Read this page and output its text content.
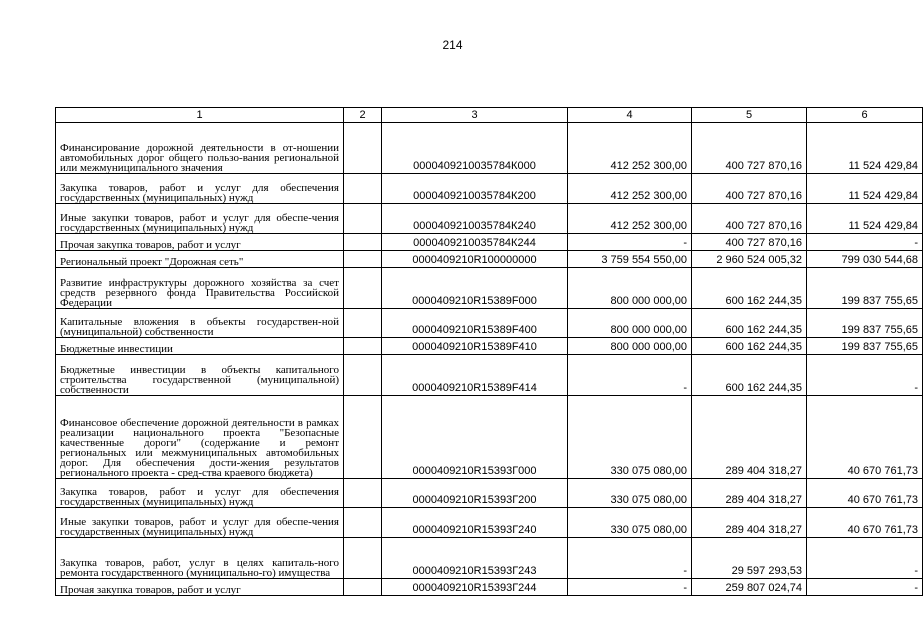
214
1	2	3	4	5	6
Финансирование дорожной деятельности в от-ношении автомобильных дорог общего пользо-вания региональной или межмуниципального значения		0000409210035784К000	412 252 300,00	400 727 870,16	11 524 429,84
Закупка товаров, работ и услуг для обеспечения государственных (муниципальных) нужд		0000409210035784К200	412 252 300,00	400 727 870,16	11 524 429,84
Иные закупки товаров, работ и услуг для обеспе-чения государственных (муниципальных) нужд		0000409210035784К240	412 252 300,00	400 727 870,16	11 524 429,84
Прочая закупка товаров, работ и услуг		0000409210035784К244	-	400 727 870,16	-
Региональный проект "Дорожная сеть"		0000409210R100000000	3 759 554 550,00	2 960 524 005,32	799 030 544,68
Развитие инфраструктуры дорожного хозяйства за счет средств резервного фонда Правительства Российской Федерации		0000409210R15389F000	800 000 000,00	600 162 244,35	199 837 755,65
Капитальные вложения в объекты государствен-ной (муниципальной) собственности		0000409210R15389F400	800 000 000,00	600 162 244,35	199 837 755,65
Бюджетные инвестиции		0000409210R15389F410	800 000 000,00	600 162 244,35	199 837 755,65
Бюджетные инвестиции в объекты капитального строительства государственной (муниципальной) собственности		0000409210R15389F414	-	600 162 244,35	-
Финансовое обеспечение дорожной деятельности в рамках реализации национального проекта "Безопасные качественные дороги" (содержание и ремонт региональных или межмуниципальных автомобильных дорог. Для обеспечения дости-жения результатов регионального проекта - сред-ства краевого бюджета)		0000409210R15393Г000	330 075 080,00	289 404 318,27	40 670 761,73
Закупка товаров, работ и услуг для обеспечения государственных (муниципальных) нужд		0000409210R15393Г200	330 075 080,00	289 404 318,27	40 670 761,73
Иные закупки товаров, работ и услуг для обеспе-чения государственных (муниципальных) нужд		0000409210R15393Г240	330 075 080,00	289 404 318,27	40 670 761,73
Закупка товаров, работ, услуг в целях капиталь-ного ремонта государственного (муниципально-го) имущества		0000409210R15393Г243	-	29 597 293,53	-
Прочая закупка товаров, работ и услуг		0000409210R15393Г244	-	259 807 024,74	-
